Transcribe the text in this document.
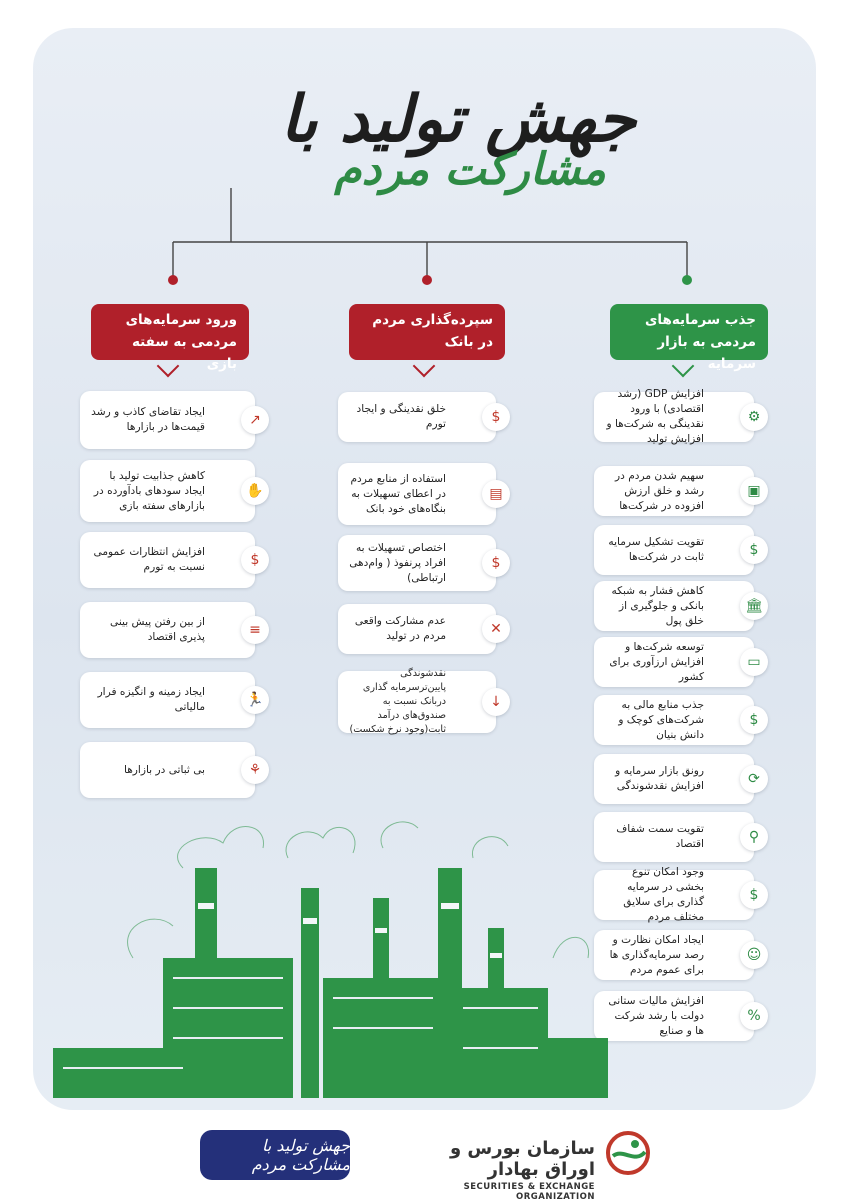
جهش تولید با
مشارکت مردم
ورود سرمایه‌های مردمی به سفته بازی
سپرده‌گذاری مردم در بانک
جذب سرمایه‌های مردمی به بازار سرمایه
افزایش GDP (رشد اقتصادی) با ورود نقدینگی به شرکت‌ها و افزایش تولید
⚙
سهیم شدن مردم در رشد و خلق ارزش افزوده در شرکت‌ها
▣
تقویت تشکیل سرمایه ثابت در شرکت‌ها	$
کاهش فشار به شبکه بانکی و جلوگیری از خلق پول
🏛
توسعه شرکت‌ها و افزایش ارزآوری برای کشور
▭
جذب منابع مالی به شرکت‌های کوچک و دانش بنیان
$
رونق بازار سرمایه و افزایش نقدشوندگی	⟳
تقویت سمت شفاف اقتصاد	⚲
وجود امکان تنوع بخشی در سرمایه گذاری برای سلایق مختلف مردم
$
ایجاد امکان نظارت و رصد سرمایه‌گذاری ها برای عموم مردم
☺
افزایش مالیات ستانی دولت با رشد شرکت ها و صنایع
%
خلق نقدینگی و ایجاد تورم	$
استفاده از منابع مردم در اعطای تسهیلات به بنگاه‌های خود بانک
▤
اختصاص تسهیلات به افراد پرنفوذ ( وام‌دهی ارتباطی)
$
عدم مشارکت واقعی مردم در تولید	✕
نقدشوندگی پایین‌ترسرمایه گذاری دربانک نسبت به صندوق‌های درآمد ثابت(وجود نرخ شکست)
↓
ایجاد تقاضای کاذب و رشد قیمت‌ها در بازارها	↗
کاهش جذابیت تولید با ایجاد سودهای بادآورده در بازارهای سفته بازی
✋
افزایش انتظارات عمومی نسبت به تورم	$
از بین رفتن پیش بینی پذیری اقتصاد	≡
ایجاد زمینه و انگیزه فرار مالیاتی	🏃
بی ثباتی در بازارها	⚘
جهش تولید با مشارکت مردم
سازمان بورس و اوراق بهادار
SECURITIES & EXCHANGE ORGANIZATION
